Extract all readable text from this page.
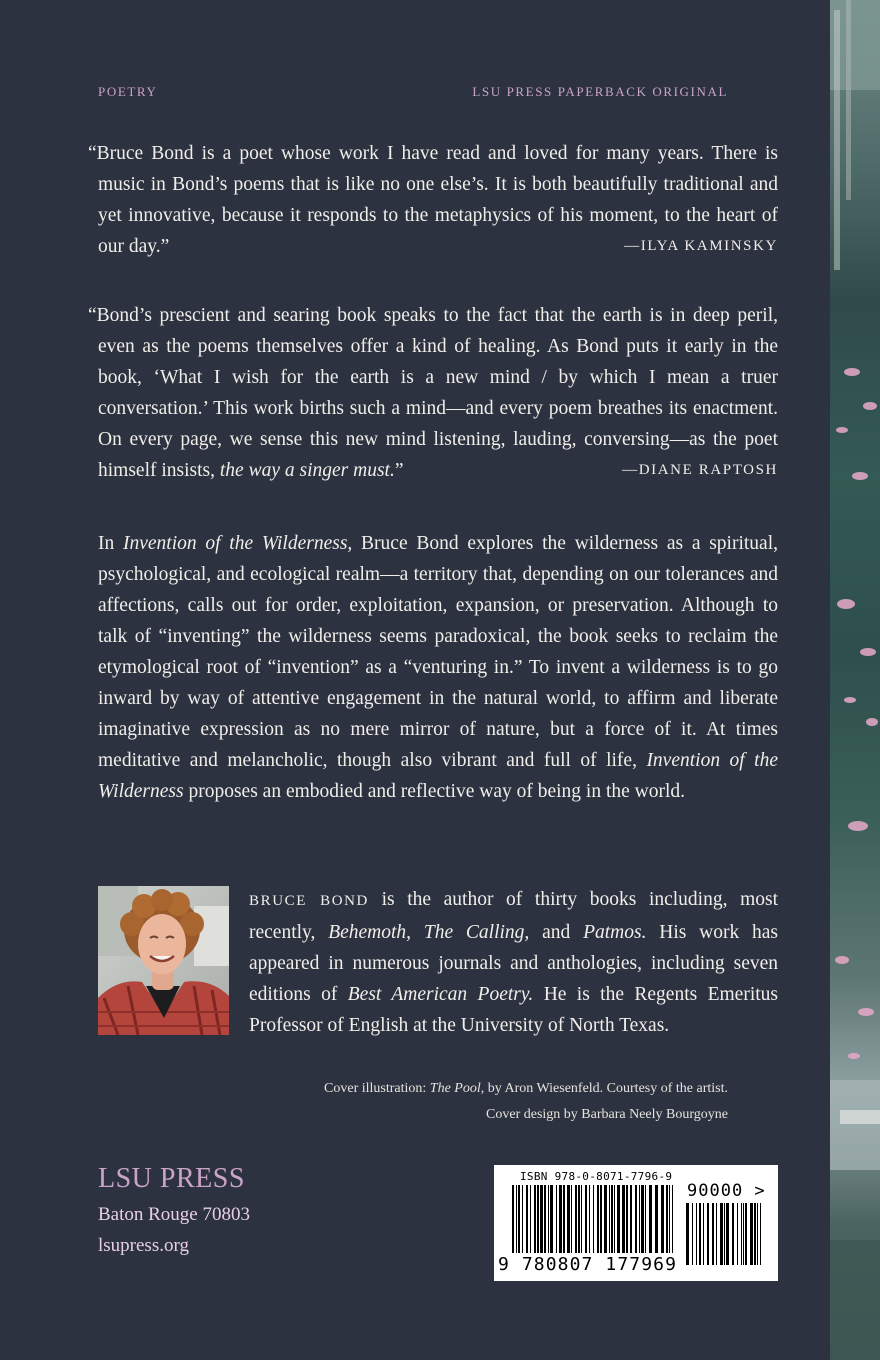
POETRY	LSU PRESS PAPERBACK ORIGINAL
“Bruce Bond is a poet whose work I have read and loved for many years. There is music in Bond’s poems that is like no one else’s. It is both beautifully traditional and yet innovative, because it responds to the metaphysics of his moment, to the heart of our day.”	—ILYA KAMINSKY
“Bond’s prescient and searing book speaks to the fact that the earth is in deep peril, even as the poems themselves offer a kind of healing. As Bond puts it early in the book, ‘What I wish for the earth is a new mind / by which I mean a truer conversation.’ This work births such a mind—and every poem breathes its enactment. On every page, we sense this new mind listening, lauding, conversing—as the poet himself insists, the way a singer must.”	—DIANE RAPTOSH
In Invention of the Wilderness, Bruce Bond explores the wilderness as a spiritual, psychological, and ecological realm—a territory that, depending on our tolerances and affections, calls out for order, exploitation, expansion, or preservation. Although to talk of “inventing” the wilderness seems paradoxical, the book seeks to reclaim the etymological root of “invention” as a “venturing in.” To invent a wilderness is to go inward by way of attentive engagement in the natural world, to affirm and liberate imaginative expression as no mere mirror of nature, but a force of it. At times meditative and melancholic, though also vibrant and full of life, Invention of the Wilderness proposes an embodied and reflective way of being in the world.
BRUCE BOND is the author of thirty books including, most recently, Behemoth, The Calling, and Patmos. His work has appeared in numerous journals and anthologies, including seven editions of Best American Poetry. He is the Regents Emeritus Professor of English at the University of North Texas.
Cover illustration: The Pool, by Aron Wiesenfeld. Courtesy of the artist.
Cover design by Barbara Neely Bourgoyne
LSU PRESS
Baton Rouge 70803
lsupress.org
ISBN 978-0-8071-7796-9
9 780807 177969
90000 >
